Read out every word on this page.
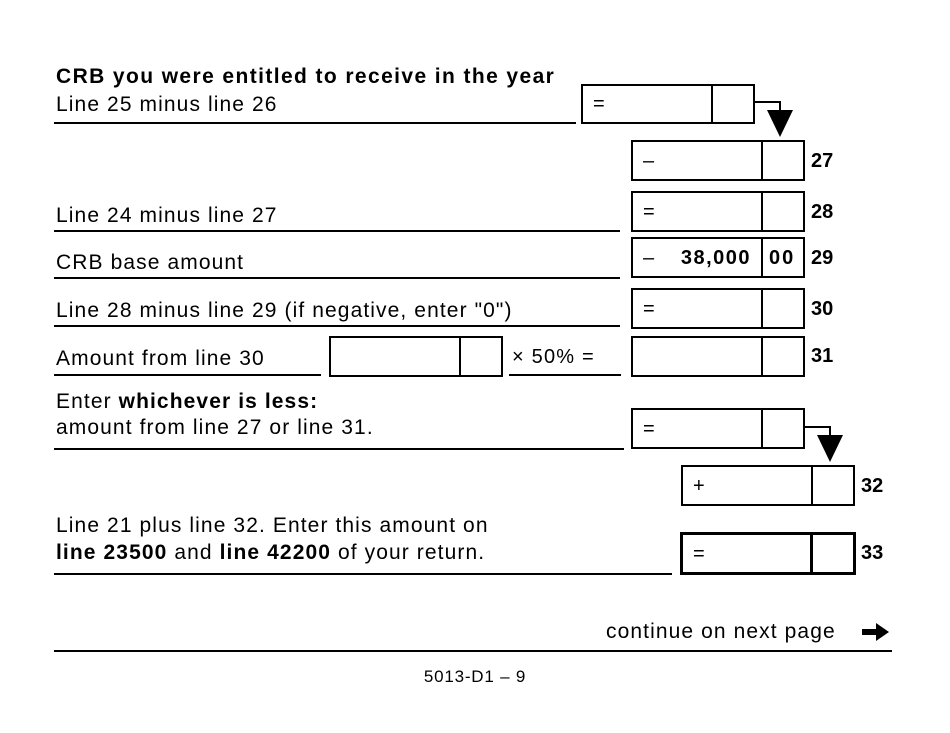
CRB you were entitled to receive in the year
Line 25 minus line 26	=
–	27
Line 24 minus line 27	=	28
CRB base amount	– 38,000 00 29
Line 28 minus line 29 (if negative, enter "0")	=	30
Amount from line 30	× 50% =	31
Enter whichever is less:
amount from line 27 or line 31.	=
+	32
Line 21 plus line 32. Enter this amount on
line 23500 and line 42200 of your return.	=	33
continue on next page
5013-D1 – 9
